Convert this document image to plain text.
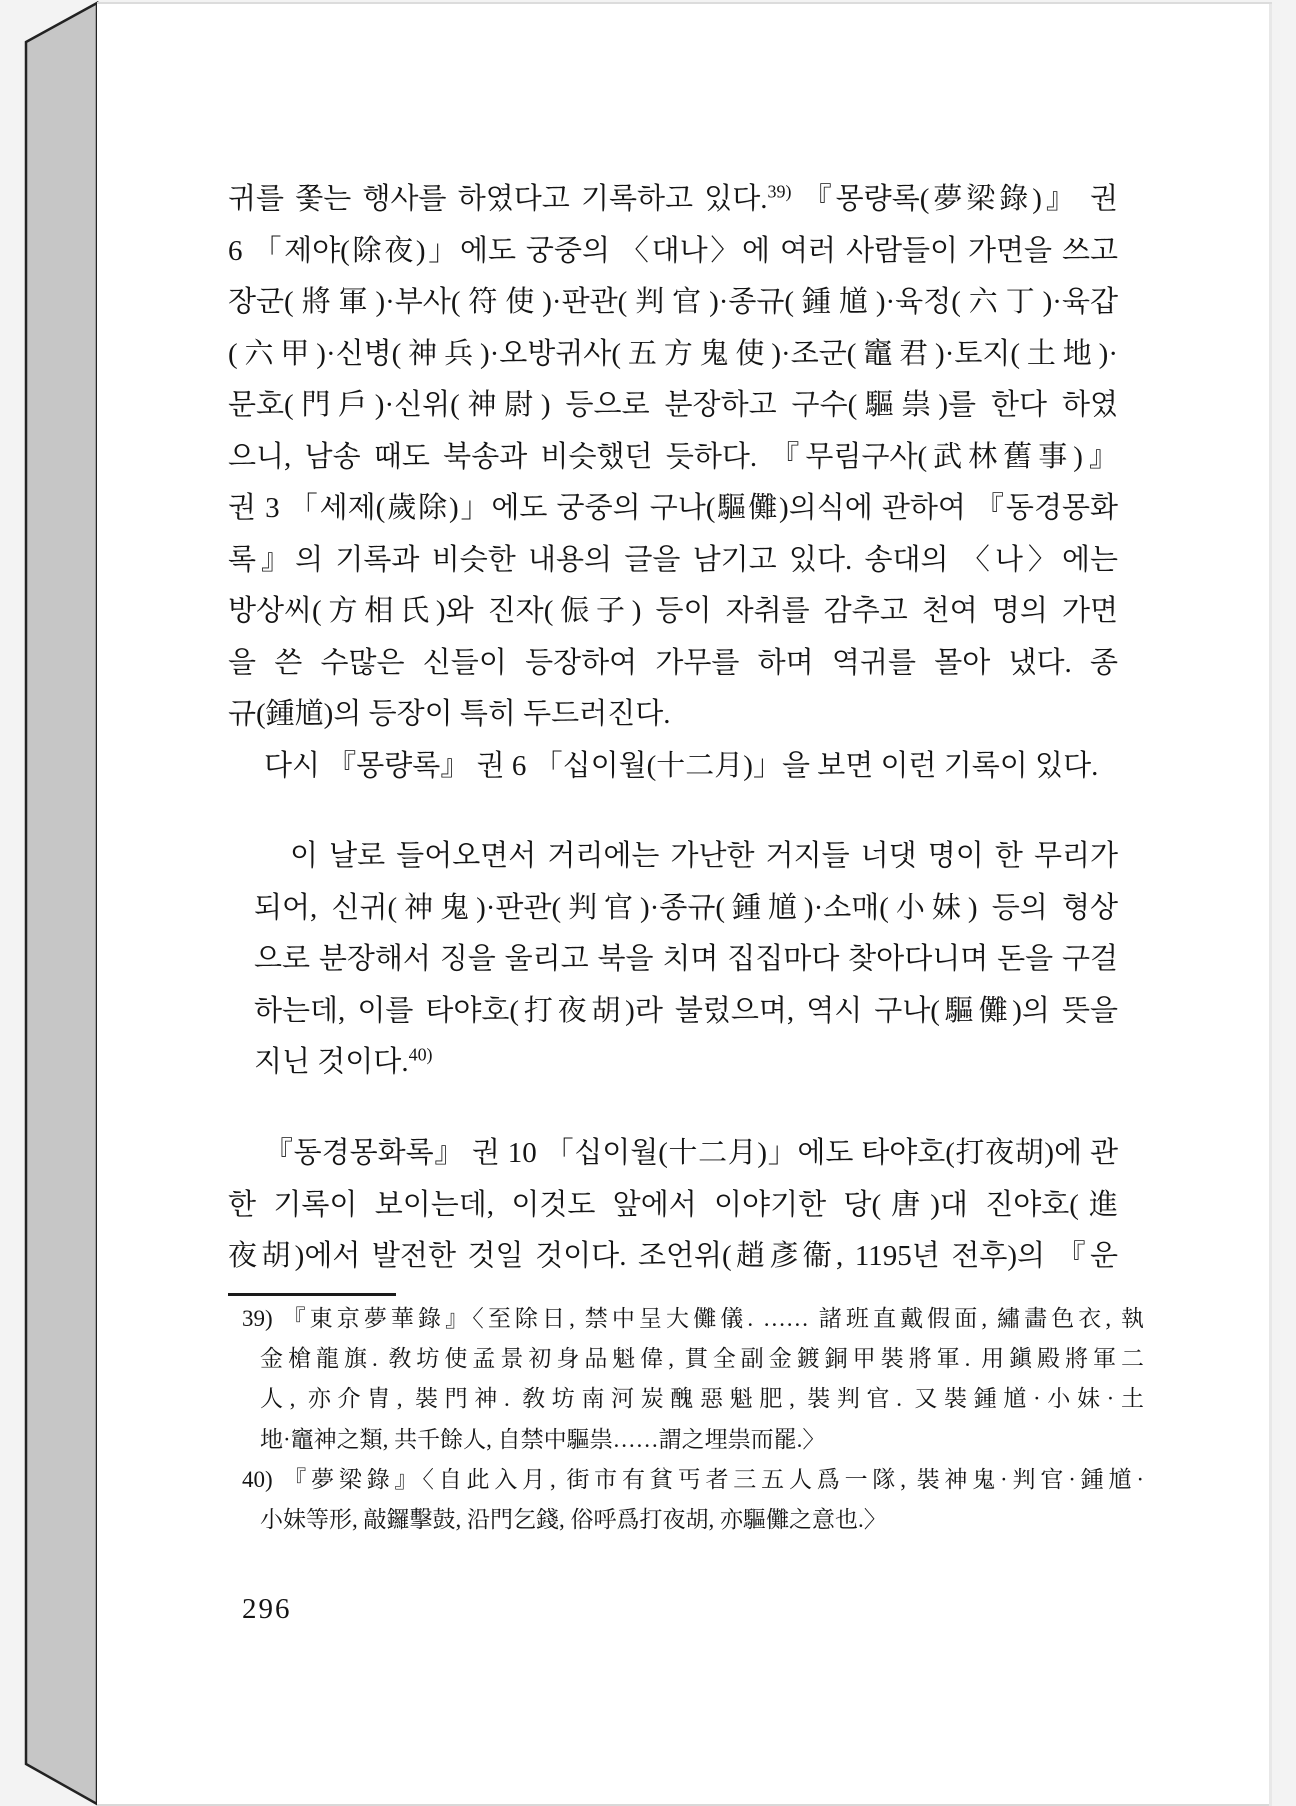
귀를 쫓는 행사를 하였다고 기록하고 있다.$^{39)}$ 『몽량록(夢梁錄)』 권
6 「제야(除夜)」에도 궁중의 〈대나〉에 여러 사람들이 가면을 쓰고
장군(將軍)·부사(符使)·판관(判官)·종규(鍾馗)·육정(六丁)·육갑
(六甲)·신병(神兵)·오방귀사(五方鬼使)·조군(竈君)·토지(土地)·
문호(門戶)·신위(神尉) 등으로 분장하고 구수(驅祟)를 한다 하였
으니, 남송 때도 북송과 비슷했던 듯하다. 『무림구사(武林舊事)』
권 3 「세제(歲除)」에도 궁중의 구나(驅儺)의식에 관하여 『동경몽화
록』의 기록과 비슷한 내용의 글을 남기고 있다. 송대의 〈나〉에는
방상씨(方相氏)와 진자(侲子) 등이 자취를 감추고 천여 명의 가면
을 쓴 수많은 신들이 등장하여 가무를 하며 역귀를 몰아 냈다. 종
규(鍾馗)의 등장이 특히 두드러진다.
다시 『몽량록』 권 6 「십이월(十二月)」을 보면 이런 기록이 있다.
이 날로 들어오면서 거리에는 가난한 거지들 너댓 명이 한 무리가
되어, 신귀(神鬼)·판관(判官)·종규(鍾馗)·소매(小妹) 등의 형상
으로 분장해서 징을 울리고 북을 치며 집집마다 찾아다니며 돈을 구걸
하는데, 이를 타야호(打夜胡)라 불렀으며, 역시 구나(驅儺)의 뜻을
지닌 것이다.$^{40)}$
『동경몽화록』 권 10 「십이월(十二月)」에도 타야호(打夜胡)에 관
한 기록이 보이는데, 이것도 앞에서 이야기한 당(唐)대 진야호(進
夜胡)에서 발전한 것일 것이다. 조언위(趙彥衞, 1195년 전후)의 『운
39) 『東京夢華錄』〈至除日, 禁中呈大儺儀. …… 諸班直戴假面, 繡畵色衣, 執
金槍龍旗. 敎坊使孟景初身品魁偉, 貫全副金鍍銅甲裝將軍. 用鎭殿將軍二
人, 亦介胄, 裝門神. 敎坊南河炭醜惡魁肥, 裝判官. 又裝鍾馗·小妹·土
地·竈神之類, 共千餘人, 自禁中驅祟……謂之埋祟而罷.〉
40) 『夢梁錄』〈自此入月, 街市有貧丐者三五人爲一隊, 裝神鬼·判官·鍾馗·
小妹等形, 敲鑼擊鼓, 沿門乞錢, 俗呼爲打夜胡, 亦驅儺之意也.〉
296
